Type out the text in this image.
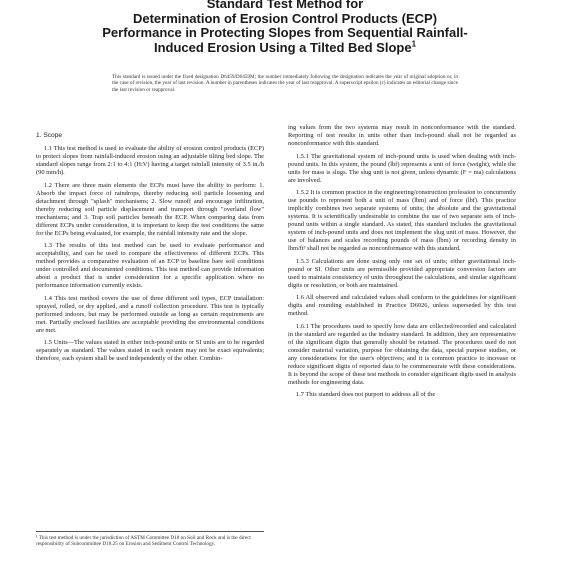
Standard Test Method for
Determination of Erosion Control Products (ECP)
Performance in Protecting Slopes from Sequential Rainfall-
Induced Erosion Using a Tilted Bed Slope$^1$
This standard is issued under the fixed designation D6459/D6459M; the number immediately following the designation indicates the year of original adoption or, in the case of revision, the year of last revision. A number in parentheses indicates the year of last reapproval. A superscript epsilon (ε) indicates an editorial change since the last revision or reapproval.

1. Scope

1.1 This test method is used to evaluate the ability of erosion control products (ECP) to protect slopes from rainfall-induced erosion using an adjustable tilting bed slope. The standard slopes range from 2:1 to 4:1 (H:V) having a target rainfall intensity of 3.5 in./h (90 mm/h).

1.2 There are three main elements the ECPs must have the ability to perform: 1. Absorb the impact force of raindrops, thereby reducing soil particle loosening and detachment through "splash" mechanisms; 2. Slow runoff and encourage infiltration, thereby reducing soil particle displacement and transport through "overland flow" mechanisms; and 3. Trap soil particles beneath the ECP. When comparing data from different ECPs under consideration, it is important to keep the test conditions the same for the ECPs being evaluated, for example, the rainfall intensity rate and the slope.

1.3 The results of this test method can be used to evaluate performance and acceptability, and can be used to compare the effectiveness of different ECPs. This method provides a comparative evaluation of an ECP to baseline bare soil conditions under controlled and documented conditions. This test method can provide information about a product that is under consideration for a specific application where no performance information currently exists.

1.4 This test method covers the use of three different soil types, ECP installation: sprayed, rolled, or dry applied, and a runoff collection procedure. This test is typically performed indoors, but may be performed outside as long as certain requirements are met. Partially enclosed facilities are acceptable providing the environmental conditions are met.

1.5 Units—The values stated in either inch-pound units or SI units are to be regarded separately as standard. The values stated in each system may not be exact equivalents; therefore, each system shall be used independently of the other. Combin-

¹ This test method is under the jurisdiction of ASTM Committee D18 on Soil and Rock and is the direct responsibility of Subcommittee D18.25 on Erosion and Sediment Control Technology.

ing values from the two systems may result in nonconformance with the standard. Reporting of test results in units other than inch-pound shall not be regarded as nonconformance with this standard.

1.5.1 The gravitational system of inch-pound units is used when dealing with inch-pound units. In this system, the pound (lbf) represents a unit of force (weight), while the units for mass is slugs. The slug unit is not given, unless dynamic (F = ma) calculations are involved.

1.5.2 It is common practice in the engineering/construction profession to concurrently use pounds to represent both a unit of mass (lbm) and of force (lbf). This practice implicitly combines two separate systems of units; the absolute and the gravitational systems. It is scientifically undesirable to combine the use of two separate sets of inch-pound units within a single standard. As stated, this standard includes the gravitational system of inch-pound units and does not implement the slug unit of mass. However, the use of balances and scales recording pounds of mass (lbm) or recording density in lbm/ft³ shall not be regarded as nonconformance with this standard.

1.5.3 Calculations are done using only one set of units; either gravitational inch-pound or SI. Other units are permissible provided appropriate conversion factors are used to maintain consistency of units throughout the calculations, and similar significant digits or resolution, or both are maintained.

1.6 All observed and calculated values shall conform to the guidelines for significant digits and rounding established in Practice D6026, unless superseded by this test method.

1.6.1 The procedures used to specify how data are collected/recorded and calculated in the standard are regarded as the industry standard. In addition, they are representative of the significant digits that generally should be retained. The procedures used do not consider material variation, purpose for obtaining the data, special purpose studies, or any considerations for the user's objectives; and it is common practice to increase or reduce significant digits of reported data to be commensurate with these considerations. It is beyond the scope of these test methods to consider significant digits used in analysis methods for engineering data.

1.7 This standard does not purport to address all of the
